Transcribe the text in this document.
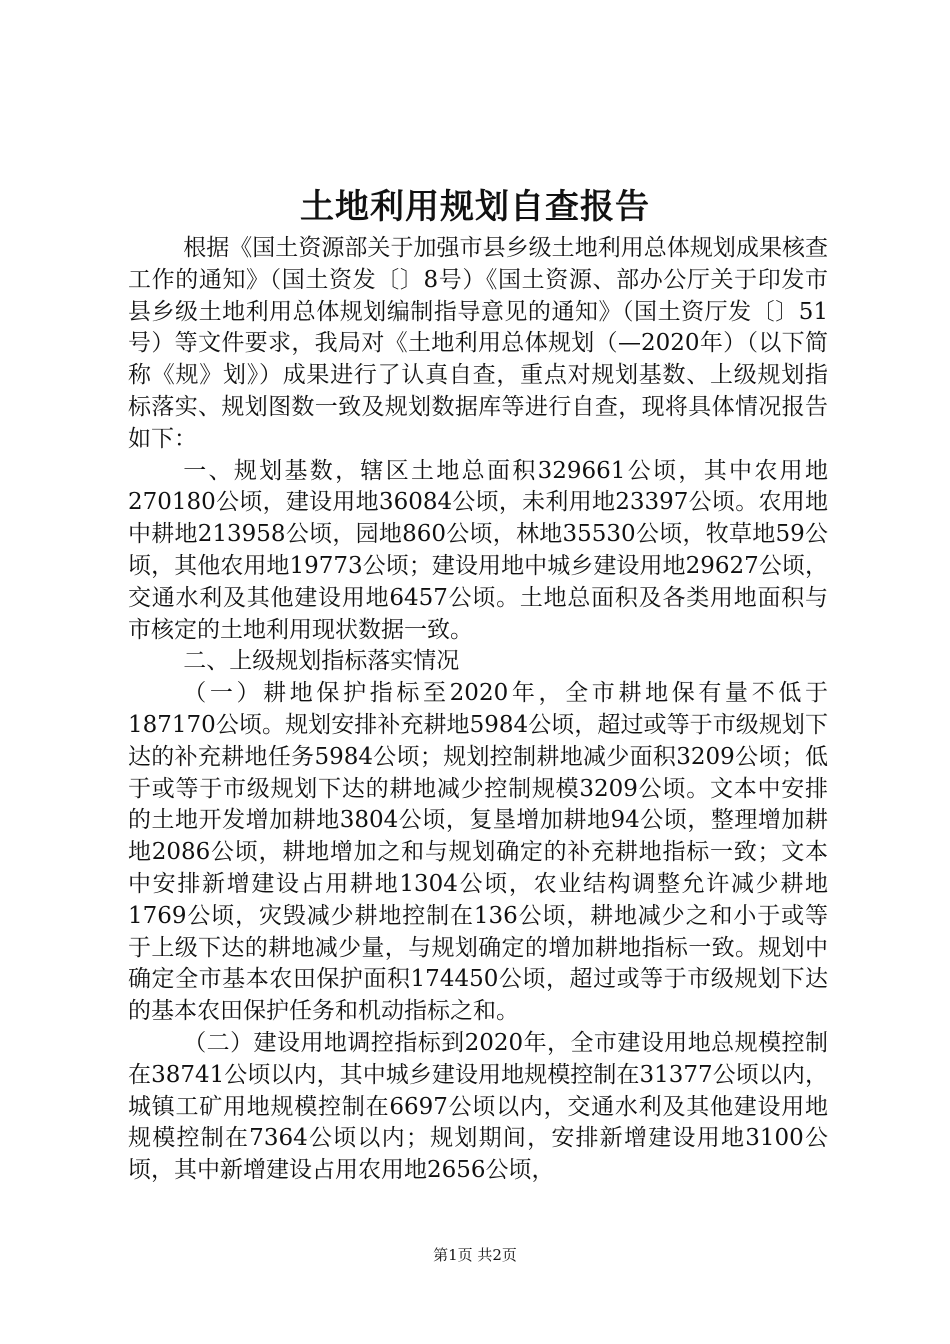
土地利用规划自查报告

根据《国土资源部关于加强市县乡级土地利用总体规划成果核查工作的通知》（国土资发〔〕8号）《国土资源、部办公厅关于印发市县乡级土地利用总体规划编制指导意见的通知》（国土资厅发〔〕51号）等文件要求，我局对《土地利用总体规划（—2020年）（以下简称《规》划》）成果进行了认真自查，重点对规划基数、上级规划指标落实、规划图数一致及规划数据库等进行自查，现将具体情况报告如下：

一、规划基数，辖区土地总面积329661公顷，其中农用地270180公顷，建设用地36084公顷，未利用地23397公顷。农用地中耕地213958公顷，园地860公顷，林地35530公顷，牧草地59公顷，其他农用地19773公顷；建设用地中城乡建设用地29627公顷，交通水利及其他建设用地6457公顷。土地总面积及各类用地面积与市核定的土地利用现状数据一致。

二、上级规划指标落实情况

（一）耕地保护指标至2020年，全市耕地保有量不低于187170公顷。规划安排补充耕地5984公顷，超过或等于市级规划下达的补充耕地任务5984公顷；规划控制耕地减少面积3209公顷；低于或等于市级规划下达的耕地减少控制规模3209公顷。文本中安排的土地开发增加耕地3804公顷，复垦增加耕地94公顷，整理增加耕地2086公顷，耕地增加之和与规划确定的补充耕地指标一致；文本中安排新增建设占用耕地1304公顷，农业结构调整允许减少耕地1769公顷，灾毁减少耕地控制在136公顷，耕地减少之和小于或等于上级下达的耕地减少量，与规划确定的增加耕地指标一致。规划中确定全市基本农田保护面积174450公顷，超过或等于市级规划下达的基本农田保护任务和机动指标之和。

（二）建设用地调控指标到2020年，全市建设用地总规模控制在38741公顷以内，其中城乡建设用地规模控制在31377公顷以内，城镇工矿用地规模控制在6697公顷以内，交通水利及其他建设用地规模控制在7364公顷以内；规划期间，安排新增建设用地3100公顷，其中新增建设占用农用地2656公顷，

第1页 共2页
